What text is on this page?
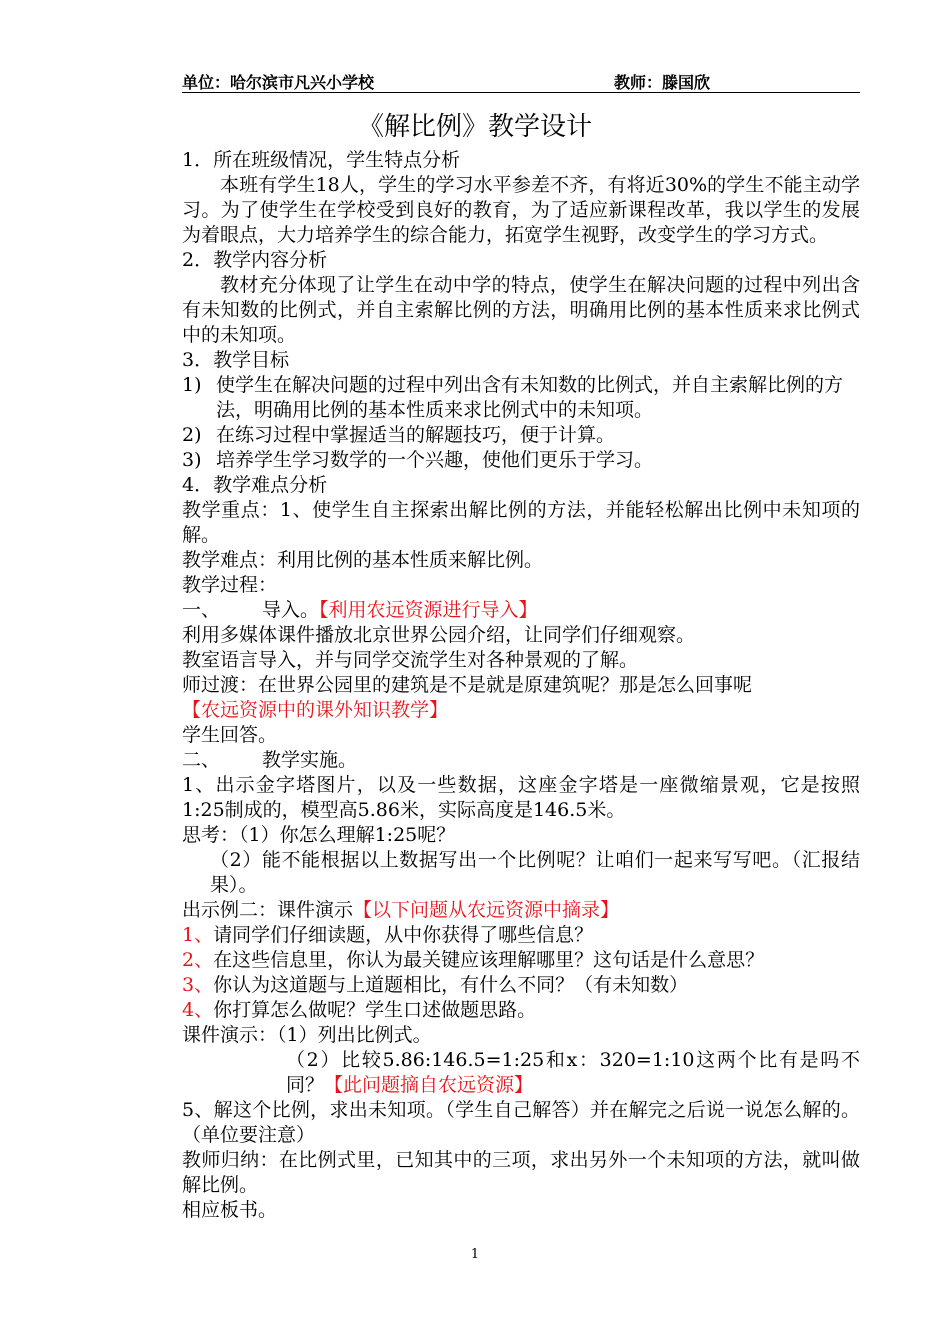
单位：哈尔滨市凡兴小学校	教师：滕国欣
《解比例》教学设计

1．所在班级情况，学生特点分析

本班有学生18人，学生的学习水平参差不齐，有将近30%的学生不能主动学习。为了使学生在学校受到良好的教育，为了适应新课程改革，我以学生的发展为着眼点，大力培养学生的综合能力，拓宽学生视野，改变学生的学习方式。

2．教学内容分析

教材充分体现了让学生在动中学的特点，使学生在解决问题的过程中列出含有未知数的比例式，并自主索解比例的方法，明确用比例的基本性质来求比例式中的未知项。

3．教学目标

1) 使学生在解决问题的过程中列出含有未知数的比例式，并自主索解比例的方法，明确用比例的基本性质来求比例式中的未知项。
2) 在练习过程中掌握适当的解题技巧，便于计算。
3) 培养学生学习数学的一个兴趣，使他们更乐于学习。

4．教学难点分析

教学重点：1、使学生自主探索出解比例的方法，并能轻松解出比例中未知项的解。

教学难点：利用比例的基本性质来解比例。

教学过程：

一、 导入。【利用农远资源进行导入】

利用多媒体课件播放北京世界公园介绍，让同学们仔细观察。

教室语言导入，并与同学交流学生对各种景观的了解。

师过渡：在世界公园里的建筑是不是就是原建筑呢？那是怎么回事呢

【农远资源中的课外知识教学】

学生回答。

二、 教学实施。

1、出示金字塔图片，以及一些数据，这座金字塔是一座微缩景观，它是按照1:25制成的，模型高5.86米，实际高度是146.5米。

思考：（1）你怎么理解1:25呢？

（2）能不能根据以上数据写出一个比例呢？让咱们一起来写写吧。（汇报结果）。

出示例二：课件演示【以下问题从农远资源中摘录】

1、请同学们仔细读题，从中你获得了哪些信息？

2、在这些信息里，你认为最关键应该理解哪里？这句话是什么意思？

3、你认为这道题与上道题相比，有什么不同？（有未知数）

4、你打算怎么做呢？学生口述做题思路。

课件演示：（1）列出比例式。

（2）比较5.86:146.5=1:25和x：320=1:10这两个比有是吗不同？【此问题摘自农远资源】

5、解这个比例，求出未知项。（学生自己解答）并在解完之后说一说怎么解的。（单位要注意）

教师归纳：在比例式里，已知其中的三项，求出另外一个未知项的方法，就叫做解比例。

相应板书。

1
